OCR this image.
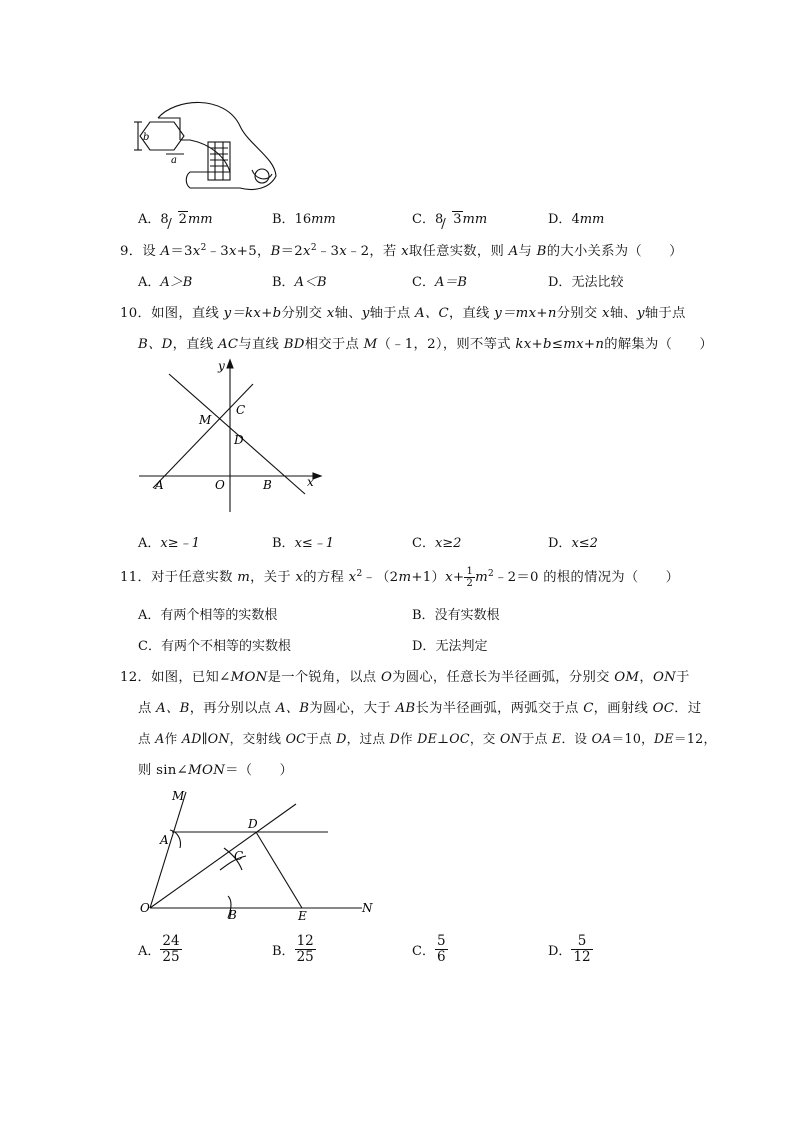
b
a
A．8 2mm	B．16mm	C．8 3mm	D．4mm
9．设 $A=3x^2﹣3x+5$，$B=2x^2﹣3x﹣2$，若 x取任意实数，则 A与 B的大小关系为（　　）
A．A＞B	B．A＜B	C．A＝B	D．无法比较
10．如图，直线 y＝kx+b分别交 x轴、y轴于点 A、C，直线 y＝mx+n分别交 x轴、y轴于点
B、D，直线 AC与直线 BD相交于点 M（﹣1，2），则不等式 kx+b≤mx+n的解集为（　　）
y
x
M
C
D
A	O	B
A．x≥﹣1	B．x≤﹣1	C．x≥2	D．x≤2
11．对于任意实数 m，关于 x的方程 $x^2﹣(2m+1)x+ \frac{1}{2}$ $m^2﹣2=0$ 的根的情况为（　　）
A．有两个相等的实数根	B．没有实数根
C．有两个不相等的实数根	D．无法判定
12．如图，已知∠MON是一个锐角，以点 O为圆心，任意长为半径画弧，分别交 OM，ON于
点 A、B，再分别以点 A、B为圆心，大于 AB长为半径画弧，两弧交于点 C，画射线 OC．过
点 A作 AD∥ON，交射线 OC于点 D，过点 D作 DE⊥OC，交 ON于点 E．设 OA＝10，DE＝12，
则 sin∠MON＝（　　）
M
A
D
C
O	B	E
N
A． $\frac{24}{25}$	B． $\frac{12}{25}$	C． $\frac{5}{6}$	D． $\frac{5}{12}$
